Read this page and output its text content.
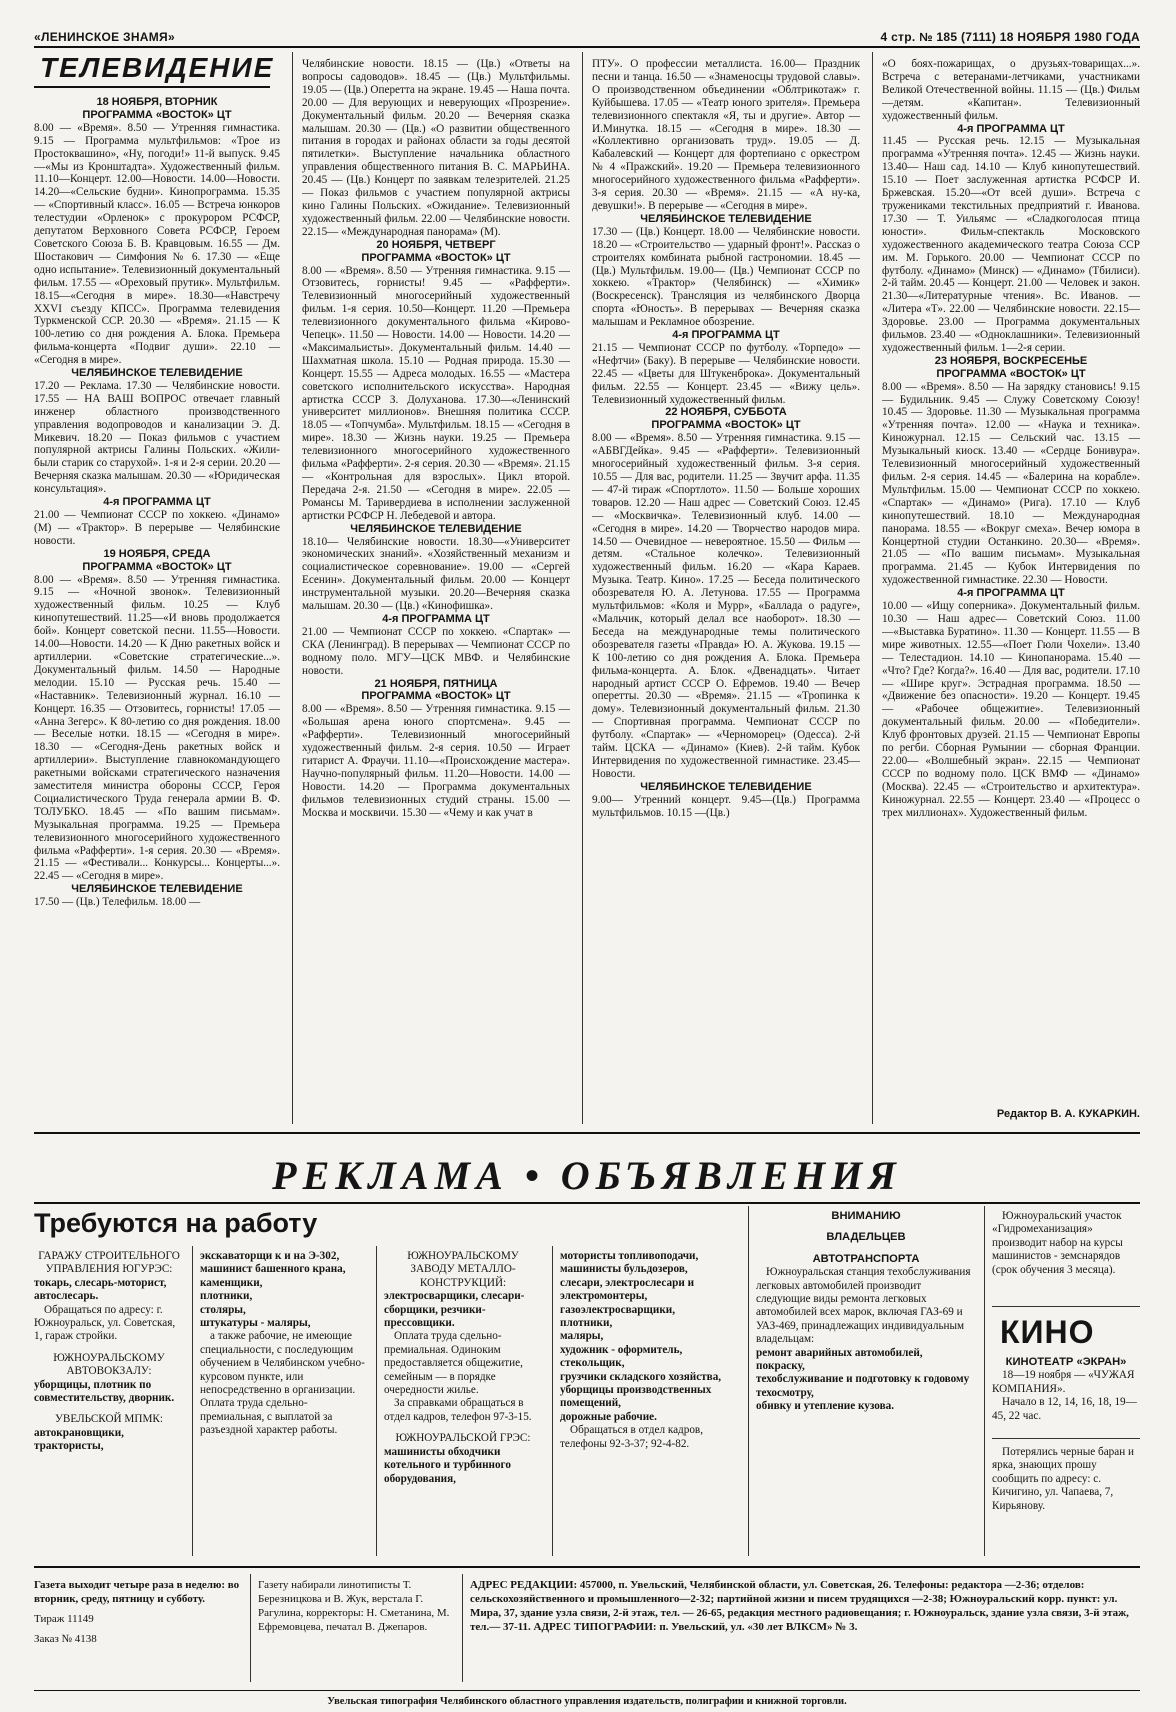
«ЛЕНИНСКОЕ ЗНАМЯ»	4 стр. № 185 (7111) 18 НОЯБРЯ 1980 ГОДА
ТЕЛЕВИДЕНИЕ

18 НОЯБРЯ, ВТОРНИК

ПРОГРАММА «ВОСТОК» ЦТ

8.00 — «Время». 8.50 — Утренняя гимнастика. 9.15 — Программа мультфильмов: «Трое из Простоквашино», «Ну, погоди!» 11-й выпуск. 9.45—«Мы из Кронштадта». Художественный фильм. 11.10—Концерт. 12.00—Новости. 14.00—Новости. 14.20—«Сельские будни». Кинопрограмма. 15.35 — «Спортивный класс». 16.05 — Встреча юнкоров телестудии «Орленок» с прокурором РСФСР, депутатом Верховного Совета РСФСР, Героем Советского Союза Б. В. Кравцовым. 16.55 — Дм. Шостакович — Симфония № 6. 17.30 — «Еще одно испытание». Телевизионный документальный фильм. 17.55 — «Ореховый прутик». Мультфильм. 18.15—«Сегодня в мире». 18.30—«Навстречу XXVI съезду КПСС». Программа телевидения Туркменской ССР. 20.30 — «Время». 21.15 — К 100-летию со дня рождения А. Блока. Премьера фильма-концерта «Подвиг души». 22.10 — «Сегодня в мире».

ЧЕЛЯБИНСКОЕ ТЕЛЕВИДЕНИЕ

17.20 — Реклама. 17.30 — Челябинские новости. 17.55 — НА ВАШ ВОПРОС отвечает главный инженер областного производственного управления водопроводов и канализации Э. Д. Микевич. 18.20 — Показ фильмов с участием популярной актрисы Галины Польских. «Жили-были старик со старухой». 1-я и 2-я серии. 20.20 — Вечерняя сказка малышам. 20.30 — «Юридическая консультация».

4-я ПРОГРАММА ЦТ

21.00 — Чемпионат СССР по хоккею. «Динамо» (М) — «Трактор». В перерыве — Челябинские новости.

19 НОЯБРЯ, СРЕДА

ПРОГРАММА «ВОСТОК» ЦТ

8.00 — «Время». 8.50 — Утренняя гимнастика. 9.15 — «Ночной звонок». Телевизионный художественный фильм. 10.25 — Клуб кинопутешествий. 11.25—«И вновь продолжается бой». Концерт советской песни. 11.55—Новости. 14.00—Новости. 14.20 — К Дню ракетных войск и артиллерии. «Советские стратегические...». Документальный фильм. 14.50 — Народные мелодии. 15.10 — Русская речь. 15.40 — «Наставник». Телевизионный журнал. 16.10 — Концерт. 16.35 — Отзовитесь, горнисты! 17.05 — «Анна Зегерс». К 80-летию со дня рождения. 18.00 — Веселые нотки. 18.15 — «Сегодня в мире». 18.30 — «Сегодня-День ракетных войск и артиллерии». Выступление главнокомандующего ракетными войсками стратегического назначения заместителя министра обороны СССР, Героя Социалистического Труда генерала армии В. Ф. ТОЛУБКО. 18.45 — «По вашим письмам». Музыкальная программа. 19.25 — Премьера телевизионного многосерийного художественного фильма «Рафферти». 1-я серия. 20.30 — «Время». 21.15 — «Фестивали... Конкурсы... Концерты...». 22.45 — «Сегодня в мире».

ЧЕЛЯБИНСКОЕ ТЕЛЕВИДЕНИЕ

17.50 — (Цв.) Телефильм. 18.00 —

Челябинские новости. 18.15 — (Цв.) «Ответы на вопросы садоводов». 18.45 — (Цв.) Мультфильмы. 19.05 — (Цв.) Оперетта на экране. 19.45 — Наша почта. 20.00 — Для верующих и неверующих «Прозрение». Документальный фильм. 20.20 — Вечерняя сказка малышам. 20.30 — (Цв.) «О развитии общественного питания в городах и районах области за годы десятой пятилетки». Выступление начальника областного управления общественного питания В. С. МАРЬИНА. 20.45 — (Цв.) Концерт по заявкам телезрителей. 21.25 — Показ фильмов с участием популярной актрисы кино Галины Польских. «Ожидание». Телевизионный художественный фильм. 22.00 — Челябинские новости. 22.15— «Международная панорама» (М).

20 НОЯБРЯ, ЧЕТВЕРГ

ПРОГРАММА «ВОСТОК» ЦТ

8.00 — «Время». 8.50 — Утренняя гимнастика. 9.15 — Отзовитесь, горнисты! 9.45 — «Рафферти». Телевизионный многосерийный художественный фильм. 1-я серия. 10.50—Концерт. 11.20 —Премьера телевизионного документального фильма «Кирово-Чепецк». 11.50 — Новости. 14.00 — Новости. 14.20 — «Максимальисты». Документальный фильм. 14.40 — Шахматная школа. 15.10 — Родная природа. 15.30 — Концерт. 15.55 — Адреса молодых. 16.55 — «Мастера советского исполнительского искусства». Народная артистка СССР З. Долуханова. 17.30—«Ленинский университет миллионов». Внешняя политика СССР. 18.05 — «Топчумба». Мультфильм. 18.15 — «Сегодня в мире». 18.30 — Жизнь науки. 19.25 — Премьера телевизионного многосерийного художественного фильма «Рафферти». 2-я серия. 20.30 — «Время». 21.15 — «Контрольная для взрослых». Цикл второй. Передача 2-я. 21.50 — «Сегодня в мире». 22.05 — Романсы М. Таривердиева в исполнении заслуженной артистки РСФСР Н. Лебедевой и автора.

ЧЕЛЯБИНСКОЕ ТЕЛЕВИДЕНИЕ

18.10— Челябинские новости. 18.30—«Университет экономических знаний». «Хозяйственный механизм и социалистическое соревнование». 19.00 — «Сергей Есенин». Документальный фильм. 20.00 — Концерт инструментальной музыки. 20.20—Вечерняя сказка малышам. 20.30 — (Цв.) «Кинофишка».

4-я ПРОГРАММА ЦТ

21.00 — Чемпионат СССР по хоккею. «Спартак» — СКА (Ленинград). В перерывах — Чемпионат СССР по водному поло. МГУ—ЦСК МВФ. и Челябинские новости.

21 НОЯБРЯ, ПЯТНИЦА

ПРОГРАММА «ВОСТОК» ЦТ

8.00 — «Время». 8.50 — Утренняя гимнастика. 9.15 — «Большая арена юного спортсмена». 9.45 — «Рафферти». Телевизионный многосерийный художественный фильм. 2-я серия. 10.50 — Играет гитарист А. Фраучи. 11.10—«Происхождение мастера». Научно-популярный фильм. 11.20—Новости. 14.00 — Новости. 14.20 — Программа документальных фильмов телевизионных студий страны. 15.00 — Москва и москвичи. 15.30 — «Чему и как учат в

ПТУ». О профессии металлиста. 16.00— Праздник песни и танца. 16.50 — «Знаменосцы трудовой славы». О производственном объединении «Облтрикотаж» г. Куйбышева. 17.05 — «Театр юного зрителя». Премьера телевизионного спектакля «Я, ты и другие». Автор — И.Минутка. 18.15 — «Сегодня в мире». 18.30 — «Коллективно организовать труд». 19.05 — Д. Кабалевский — Концерт для фортепиано с оркестром № 4 «Пражский». 19.20 — Премьера телевизионного многосерийного художественного фильма «Рафферти». 3-я серия. 20.30 — «Время». 21.15 — «А ну-ка, девушки!». В перерыве — «Сегодня в мире».

ЧЕЛЯБИНСКОЕ ТЕЛЕВИДЕНИЕ

17.30 — (Цв.) Концерт. 18.00 — Челябинские новости. 18.20 — «Строительство — ударный фронт!». Рассказ о строителях комбината рыбной гастрономии. 18.45 — (Цв.) Мультфильм. 19.00— (Цв.) Чемпионат СССР по хоккею. «Трактор» (Челябинск) — «Химик» (Воскресенск). Трансляция из челябинского Дворца спорта «Юность». В перерывах — Вечерняя сказка малышам и Рекламное обозрение.

4-я ПРОГРАММА ЦТ

21.15 — Чемпионат СССР по футболу. «Торпедо» — «Нефтчи» (Баку). В перерыве — Челябинские новости. 22.45 — «Цветы для Штукенброка». Документальный фильм. 22.55 — Концерт. 23.45 — «Вижу цель». Телевизионный художественный фильм.

22 НОЯБРЯ, СУББОТА

ПРОГРАММА «ВОСТОК» ЦТ

8.00 — «Время». 8.50 — Утренняя гимнастика. 9.15 — «АБВГДейка». 9.45 — «Рафферти». Телевизионный многосерийный художественный фильм. 3-я серия. 10.55 — Для вас, родители. 11.25 — Звучит арфа. 11.35 — 47-й тираж «Спортлото». 11.50 — Больше хороших товаров. 12.20 — Наш адрес — Советский Союз. 12.45 — «Москвичка». Телевизионный клуб. 14.00 — «Сегодня в мире». 14.20 — Творчество народов мира. 14.50 — Очевидное — невероятное. 15.50 — Фильм — детям. «Стальное колечко». Телевизионный художественный фильм. 16.20 — «Кара Караев. Музыка. Театр. Кино». 17.25 — Беседа политического обозревателя Ю. А. Летунова. 17.55 — Программа мультфильмов: «Коля и Мурр», «Баллада о радуге», «Мальчик, который делал все наоборот». 18.30 — Беседа на международные темы политического обозревателя газеты «Правда» Ю. А. Жукова. 19.15 — К 100-летию со дня рождения А. Блока. Премьера фильма-концерта. А. Блок. «Двенадцать». Читает народный артист СССР О. Ефремов. 19.40 — Вечер оперетты. 20.30 — «Время». 21.15 — «Тропинка к дому». Телевизионный документальный фильм. 21.30 — Спортивная программа. Чемпионат СССР по футболу. «Спартак» — «Черноморец» (Одесса). 2-й тайм. ЦСКА — «Динамо» (Киев). 2-й тайм. Кубок Интервидения по художественной гимнастике. 23.45— Новости.

ЧЕЛЯБИНСКОЕ ТЕЛЕВИДЕНИЕ

9.00— Утренний концерт. 9.45—(Цв.) Программа мультфильмов. 10.15 —(Цв.)

«О боях-пожарищах, о друзьях-товарищах...». Встреча с ветеранами-летчиками, участниками Великой Отечественной войны. 11.15 — (Цв.) Фильм—детям. «Капитан». Телевизионный художественный фильм.

4-я ПРОГРАММА ЦТ

11.45 — Русская речь. 12.15 — Музыкальная программа «Утренняя почта». 12.45 — Жизнь науки. 13.40— Наш сад. 14.10 — Клуб кинопутешествий. 15.10 — Поет заслуженная артистка РСФСР И. Бржевская. 15.20—«От всей души». Встреча с тружениками текстильных предприятий г. Иванова. 17.30 — Т. Уильямс — «Сладкоголосая птица юности». Фильм-спектакль Московского художественного академического театра Союза ССР им. М. Горького. 20.00 — Чемпионат СССР по футболу. «Динамо» (Минск) — «Динамо» (Тбилиси). 2-й тайм. 20.45 — Концерт. 21.00 — Человек и закон. 21.30—«Литературные чтения». Вс. Иванов. — «Литера «Т». 22.00 — Челябинские новости. 22.15— Здоровье. 23.00 — Программа документальных фильмов. 23.40 — «Одноклашники». Телевизионный художественный фильм. 1—2-я серии.

23 НОЯБРЯ, ВОСКРЕСЕНЬЕ

ПРОГРАММА «ВОСТОК» ЦТ

8.00 — «Время». 8.50 — На зарядку становись! 9.15 — Будильник. 9.45 — Служу Советскому Союзу! 10.45 — Здоровье. 11.30 — Музыкальная программа «Утренняя почта». 12.00 — «Наука и техника». Киножурнал. 12.15 — Сельский час. 13.15 — Музыкальный киоск. 13.40 — «Сердце Бонивура». Телевизионный многосерийный художественный фильм. 2-я серия. 14.45 — «Балерина на корабле». Мультфильм. 15.00 — Чемпионат СССР по хоккею. «Спартак» — «Динамо» (Рига). 17.10 — Клуб кинопутешествий. 18.10 — Международная панорама. 18.55 — «Вокруг смеха». Вечер юмора в Концертной студии Останкино. 20.30— «Время». 21.05 — «По вашим письмам». Музыкальная программа. 21.45 — Кубок Интервидения по художественной гимнастике. 22.30 — Новости.

4-я ПРОГРАММА ЦТ

10.00 — «Ищу соперника». Документальный фильм. 10.30 — Наш адрес— Советский Союз. 11.00—«Выставка Буратино». 11.30 — Концерт. 11.55 — В мире животных. 12.55—«Поет Гюли Чохели». 13.40 — Телестадион. 14.10 — Кинопанорама. 15.40 — «Что? Где? Когда?». 16.40 — Для вас, родители. 17.10 — «Шире круг». Эстрадная программа. 18.50 — «Движение без опасности». 19.20 — Концерт. 19.45 — «Рабочее общежитие». Телевизионный документальный фильм. 20.00 — «Победители». Клуб фронтовых друзей. 21.15 — Чемпионат Европы по регби. Сборная Румынии — сборная Франции. 22.00— «Волшебный экран». 22.15 — Чемпионат СССР по водному поло. ЦСК ВМФ — «Динамо» (Москва). 22.45 — «Строительство и архитектура». Киножурнал. 22.55 — Концерт. 23.40 — «Процесс о трех миллионах». Художественный фильм.

Редактор В. А. КУКАРКИН.
РЕКЛАМА • ОБЪЯВЛЕНИЯ
Требуются на работу

ГАРАЖУ СТРОИТЕЛЬНОГО УПРАВЛЕНИЯ ЮГУРЭС:

токарь, слесарь-моторист, автослесарь.

Обращаться по адресу: г. Южноуральск, ул. Советская, 1, гараж стройки.

ЮЖНОУРАЛЬСКОМУ АВТОВОКЗАЛУ:

уборщицы, плотник по совместительству, дворник.

УВЕЛЬСКОЙ МПМК:

автокрановщики, трактористы,

экскаваторщи к и на Э-302,

машинист башенного крана,

каменщики,

плотники,

столяры,

штукатуры - маляры,

а также рабочие, не имеющие специальности, с последующим обучением в Челябинском учебно-курсовом пункте, или непосредственно в организации. Оплата труда сдельно-премиальная, с выплатой за разъездной характер работы.

ЮЖНОУРАЛЬСКОМУ ЗАВОДУ МЕТАЛЛО-КОНСТРУКЦИЙ:

электросварщики, слесари-сборщики, резчики-прессовщики.

Оплата труда сдельно-премиальная. Одиноким предоставляется общежитие, семейным — в порядке очередности жилье.

За справками обращаться в отдел кадров, телефон 97-3-15.

ЮЖНОУРАЛЬСКОЙ ГРЭС:

машинисты обходчики котельного и турбинного оборудования,

мотористы топливоподачи,

машинисты бульдозеров,

слесари, электрослесари и электромонтеры,

газоэлектросварщики,

плотники,

маляры,

художник - оформитель,

стекольщик,

грузчики складского хозяйства,

уборщицы производственных помещений,

дорожные рабочие.

Обращаться в отдел кадров, телефоны 92-3-37; 92-4-82.

ВНИМАНИЮ

ВЛАДЕЛЬЦЕВ

АВТОТРАНСПОРТА

Южноуральская станция техобслуживания легковых автомобилей производит следующие виды ремонта легковых автомобилей всех марок, включая ГАЗ-69 и УАЗ-469, принадлежащих индивидуальным владельцам:

ремонт аварийных автомобилей,

покраску,

техобслуживание и подготовку к годовому техосмотру,

обивку и утепление кузова.

Южноуральский участок «Гидромеханизация» производит набор на курсы машинистов - земснарядов (срок обучения 3 месяца).

КИНО

КИНОТЕАТР «ЭКРАН»

18—19 ноября — «ЧУЖАЯ КОМПАНИЯ».

Начало в 12, 14, 16, 18, 19—45, 22 час.

Потерялись черные баран и ярка, знающих прошу сообщить по адресу: с. Кичигино, ул. Чапаева, 7, Кирьянову.

Газета выходит четыре раза в неделю: во вторник, среду, пятницу и субботу.
Тираж 11149
Заказ № 4138
Газету набирали линотиписты Т. Березницкова и В. Жук, верстала Г. Рагулина, корректоры: Н. Сметанина, М. Ефремовцева, печатал В. Джепаров.
АДРЕС РЕДАКЦИИ: 457000, п. Увельский, Челябинской области, ул. Советская, 26. Телефоны: редактора —2-36; отделов: сельскохозяйственного и промышленного—2-32; партийной жизни и писем трудящихся —2-38; Южноуральский корр. пункт: ул. Мира, 37, здание узла связи, 2-й этаж, тел. — 26-65, редакция местного радиовещания; г. Южноуральск, здание узла связи, 3-й этаж, тел.— 37-11. АДРЕС ТИПОГРАФИИ: п. Увельский, ул. «30 лет ВЛКСМ» № 3.
Увельская типография Челябинского областного управления издательств, полиграфии и книжной торговли.
